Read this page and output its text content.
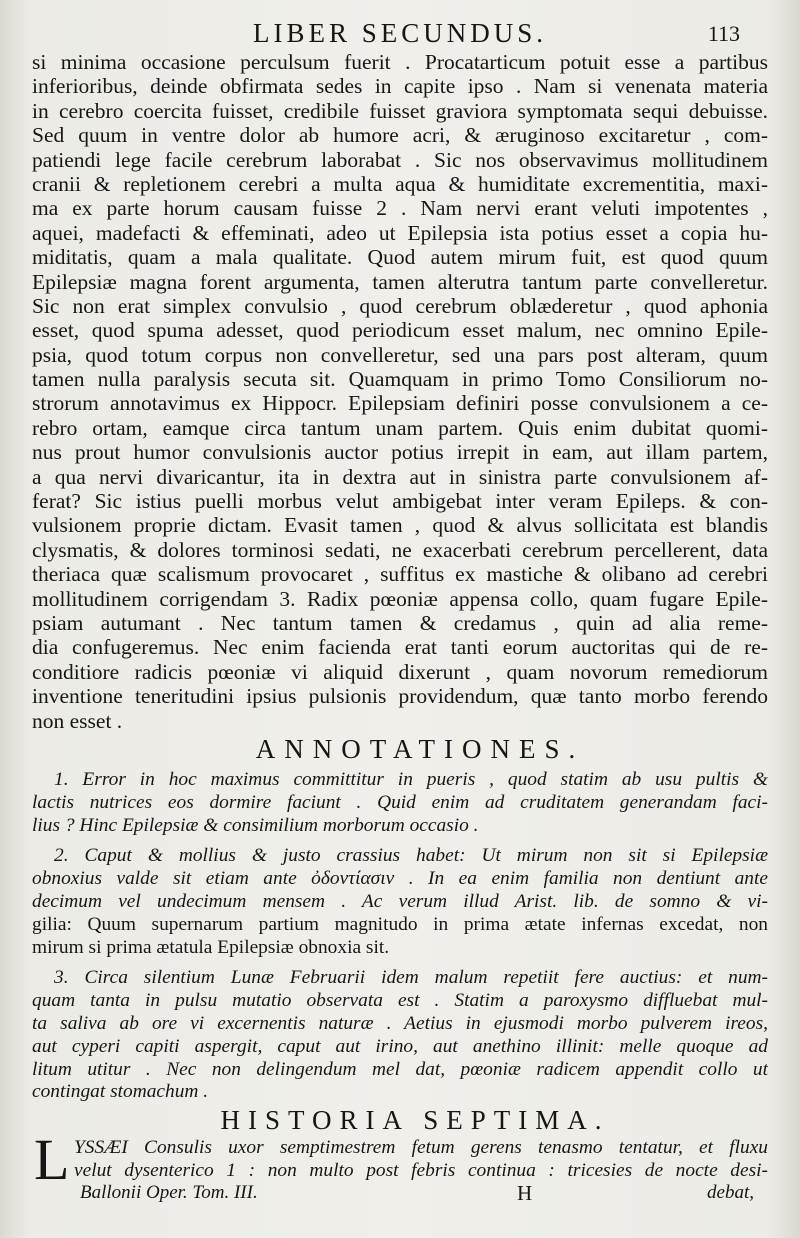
LIBER SECUNDUS.	113
si minima occasione perculsum fuerit . Procatarticum potuit esse a partibus
inferioribus, deinde obfirmata sedes in capite ipso . Nam si venenata materia
in cerebro coercita fuisset, credibile fuisset graviora symptomata sequi debuisse.
Sed quum in ventre dolor ab humore acri, & æruginoso excitaretur , com-
patiendi lege facile cerebrum laborabat . Sic nos observavimus mollitudinem
cranii & repletionem cerebri a multa aqua & humiditate excrementitia, maxi-
ma ex parte horum causam fuisse 2 . Nam nervi erant veluti impotentes ,
aquei, madefacti & effeminati, adeo ut Epilepsia ista potius esset a copia hu-
miditatis, quam a mala qualitate. Quod autem mirum fuit, est quod quum
Epilepsiæ magna forent argumenta, tamen alterutra tantum parte convelleretur.
Sic non erat simplex convulsio , quod cerebrum oblæderetur , quod aphonia
esset, quod spuma adesset, quod periodicum esset malum, nec omnino Epile-
psia, quod totum corpus non convelleretur, sed una pars post alteram, quum
tamen nulla paralysis secuta sit. Quamquam in primo Tomo Consiliorum no-
strorum annotavimus ex Hippocr. Epilepsiam definiri posse convulsionem a ce-
rebro ortam, eamque circa tantum unam partem. Quis enim dubitat quomi-
nus prout humor convulsionis auctor potius irrepit in eam, aut illam partem,
a qua nervi divaricantur, ita in dextra aut in sinistra parte convulsionem af-
ferat? Sic istius puelli morbus velut ambigebat inter veram Epileps. & con-
vulsionem proprie dictam. Evasit tamen , quod & alvus sollicitata est blandis
clysmatis, & dolores torminosi sedati, ne exacerbati cerebrum percellerent, data
theriaca quæ scalismum provocaret , suffitus ex mastiche & olibano ad cerebri
mollitudinem corrigendam 3. Radix pœoniæ appensa collo, quam fugare Epile-
psiam autumant . Nec tantum tamen & credamus , quin ad alia reme-
dia confugeremus. Nec enim facienda erat tanti eorum auctoritas qui de re-
conditiore radicis pœoniæ vi aliquid dixerunt , quam novorum remediorum
inventione teneritudini ipsius pulsionis providendum, quæ tanto morbo ferendo
non esset .
ANNOTATIONES.
1. Error in hoc maximus committitur in pueris , quod statim ab usu pultis &
lactis nutrices eos dormire faciunt . Quid enim ad cruditatem generandam faci-
lius ? Hinc Epilepsiæ & consimilium morborum occasio .
2. Caput & mollius & justo crassius habet: Ut mirum non sit si Epilepsiæ
obnoxius valde sit etiam ante ὀδοντίασιν . In ea enim familia non dentiunt ante
decimum vel undecimum mensem . Ac verum illud Arist. lib. de somno & vi-
gilia: Quum supernarum partium magnitudo in prima ætate infernas excedat, non
mirum si prima ætatula Epilepsiæ obnoxia sit.
3. Circa silentium Lunæ Februarii idem malum repetiit fere auctius: et num-
quam tanta in pulsu mutatio observata est . Statim a paroxysmo diffluebat mul-
ta saliva ab ore vi excernentis naturæ . Aetius in ejusmodi morbo pulverem ireos,
aut cyperi capiti aspergit, caput aut irino, aut anethino illinit: melle quoque ad
litum utitur . Nec non delingendum mel dat, pœoniæ radicem appendit collo ut
contingat stomachum .
HISTORIA SEPTIMA.
L YSSÆI Consulis uxor semptimestrem fetum gerens tenasmo tentatur, et fluxu
velut dysenterico 1 : non multo post febris continua : tricesies de nocte desi-
Ballonii Oper. Tom. III.	H	debat,
